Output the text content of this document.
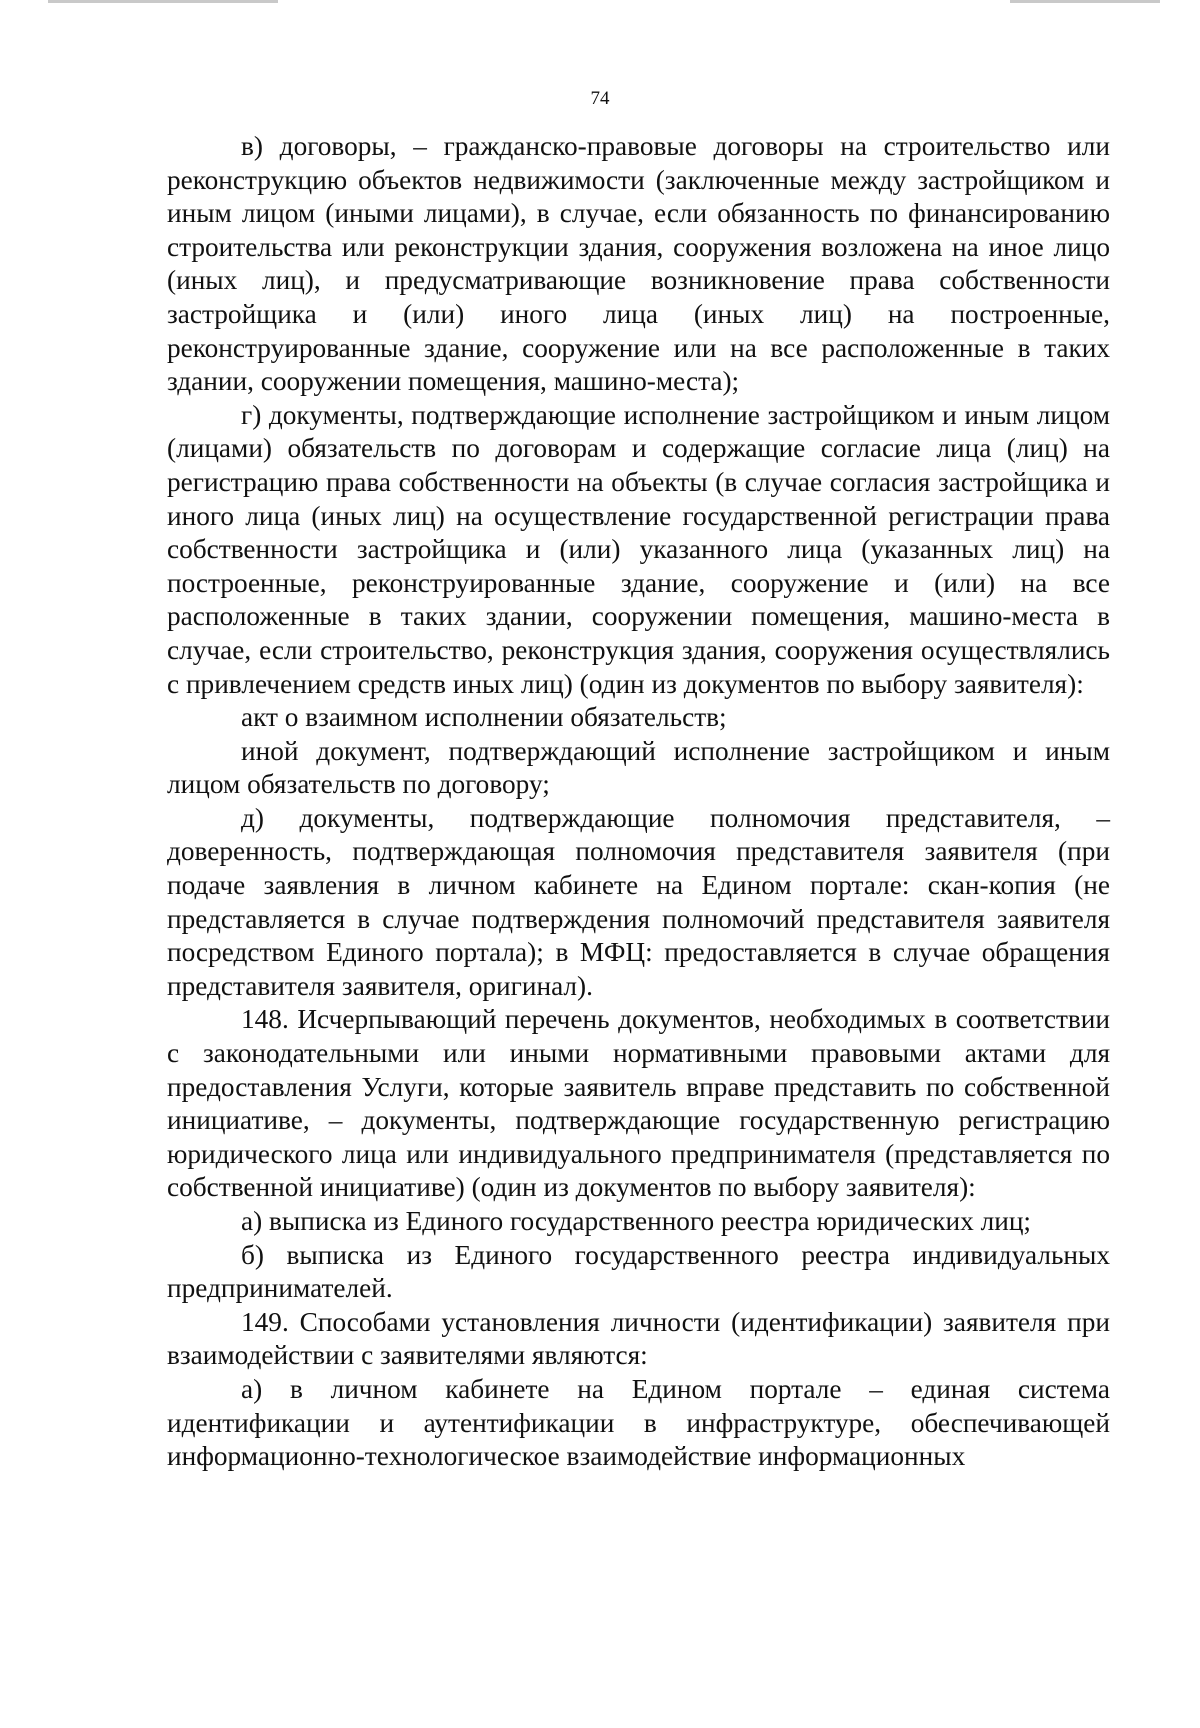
74

в) договоры, – гражданско-правовые договоры на строительство или реконструкцию объектов недвижимости (заключенные между застройщиком и иным лицом (иными лицами), в случае, если обязанность по финансированию строительства или реконструкции здания, сооружения возложена на иное лицо (иных лиц), и предусматривающие возникновение права собственности застройщика и (или) иного лица (иных лиц) на построенные, реконструированные здание, сооружение или на все расположенные в таких здании, сооружении помещения, машино-места);

г) документы, подтверждающие исполнение застройщиком и иным лицом (лицами) обязательств по договорам и содержащие согласие лица (лиц) на регистрацию права собственности на объекты (в случае согласия застройщика и иного лица (иных лиц) на осуществление государственной регистрации права собственности застройщика и (или) указанного лица (указанных лиц) на построенные, реконструированные здание, сооружение и (или) на все расположенные в таких здании, сооружении помещения, машино-места в случае, если строительство, реконструкция здания, сооружения осуществлялись с привлечением средств иных лиц) (один из документов по выбору заявителя):

акт о взаимном исполнении обязательств;

иной документ, подтверждающий исполнение застройщиком и иным лицом обязательств по договору;

д) документы, подтверждающие полномочия представителя, – доверенность, подтверждающая полномочия представителя заявителя (при подаче заявления в личном кабинете на Едином портале: скан-копия (не представляется в случае подтверждения полномочий представителя заявителя посредством Единого портала); в МФЦ: предоставляется в случае обращения представителя заявителя, оригинал).

148. Исчерпывающий перечень документов, необходимых в соответствии с законодательными или иными нормативными правовыми актами для предоставления Услуги, которые заявитель вправе представить по собственной инициативе, – документы, подтверждающие государственную регистрацию юридического лица или индивидуального предпринимателя (представляется по собственной инициативе) (один из документов по выбору заявителя):

а) выписка из Единого государственного реестра юридических лиц;

б) выписка из Единого государственного реестра индивидуальных предпринимателей.

149. Способами установления личности (идентификации) заявителя при взаимодействии с заявителями являются:

а) в личном кабинете на Едином портале – единая система идентификации и аутентификации в инфраструктуре, обеспечивающей информационно-технологическое взаимодействие информационных
